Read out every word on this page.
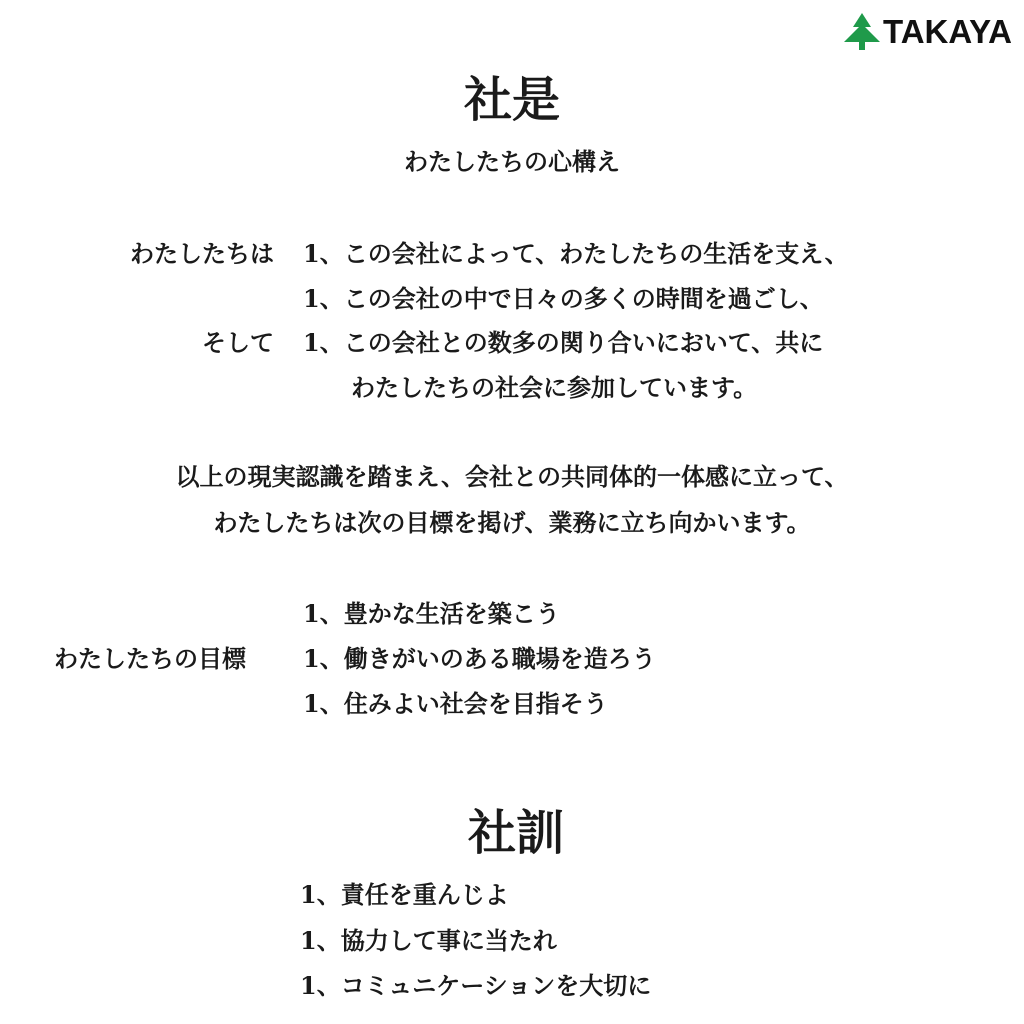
TAKAYA
社是
わたしたちの心構え
わたしたちは 1、この会社によって、わたしたちの生活を支え、
1、この会社の中で日々の多くの時間を過ごし、
そして 1、この会社との数多の関り合いにおいて、共に
わたしたちの社会に参加しています。
以上の現実認識を踏まえ、会社との共同体的一体感に立って、
わたしたちは次の目標を掲げ、業務に立ち向かいます。
1、豊かな生活を築こう
わたしたちの目標 1、働きがいのある職場を造ろう
1、住みよい社会を目指そう
社訓
1、責任を重んじよ
1、協力して事に当たれ
1、コミュニケーションを大切に
